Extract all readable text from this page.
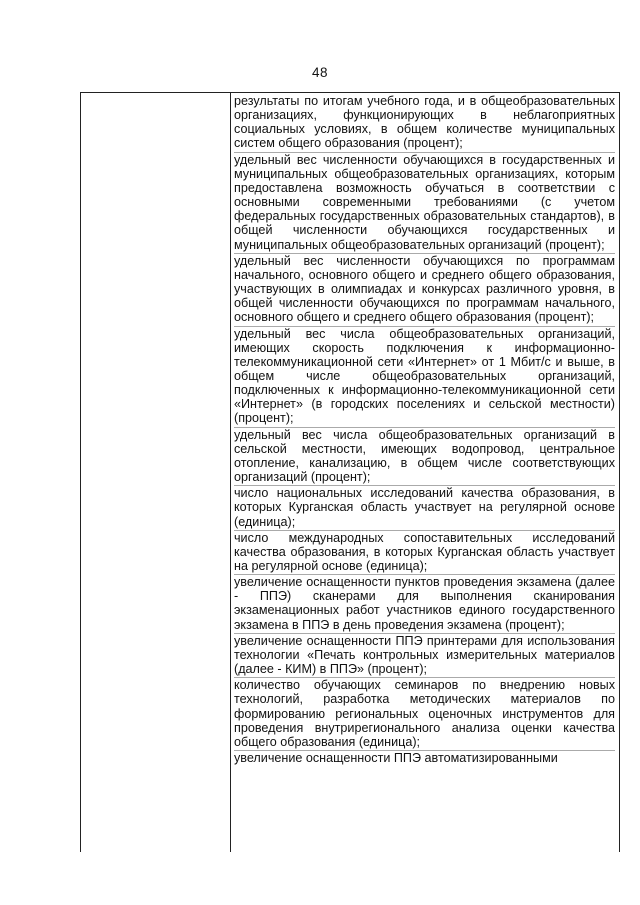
48

результаты по итогам учебного года, и в общеобразовательных организациях, функционирующих в неблагоприятных социальных условиях, в общем количестве муниципальных систем общего образования (процент);

удельный вес численности обучающихся в государственных и муниципальных общеобразовательных организациях, которым предоставлена возможность обучаться в соответствии с основными современными требованиями (с учетом федеральных государственных образовательных стандартов), в общей численности обучающихся государственных и муниципальных общеобразовательных организаций (процент);

удельный вес численности обучающихся по программам начального, основного общего и среднего общего образования, участвующих в олимпиадах и конкурсах различного уровня, в общей численности обучающихся по программам начального, основного общего и среднего общего образования (процент);

удельный вес числа общеобразовательных организаций, имеющих скорость подключения к информационно-телекоммуникационной сети «Интернет» от 1 Мбит/с и выше, в общем числе общеобразовательных организаций, подключенных к информационно-телекоммуникационной сети «Интернет» (в городских поселениях и сельской местности) (процент);

удельный вес числа общеобразовательных организаций в сельской местности, имеющих водопровод, центральное отопление, канализацию, в общем числе соответствующих организаций (процент);

число национальных исследований качества образования, в которых Курганская область участвует на регулярной основе (единица);

число международных сопоставительных исследований качества образования, в которых Курганская область участвует на регулярной основе (единица);

увеличение оснащенности пунктов проведения экзамена (далее - ППЭ) сканерами для выполнения сканирования экзаменационных работ участников единого государственного экзамена в ППЭ в день проведения экзамена (процент);

увеличение оснащенности ППЭ принтерами для использования технологии «Печать контрольных измерительных материалов (далее - КИМ) в ППЭ» (процент);

количество обучающих семинаров по внедрению новых технологий, разработка методических материалов по формированию региональных оценочных инструментов для проведения внутрирегионального анализа оценки качества общего образования (единица);

увеличение оснащенности ППЭ автоматизированными
